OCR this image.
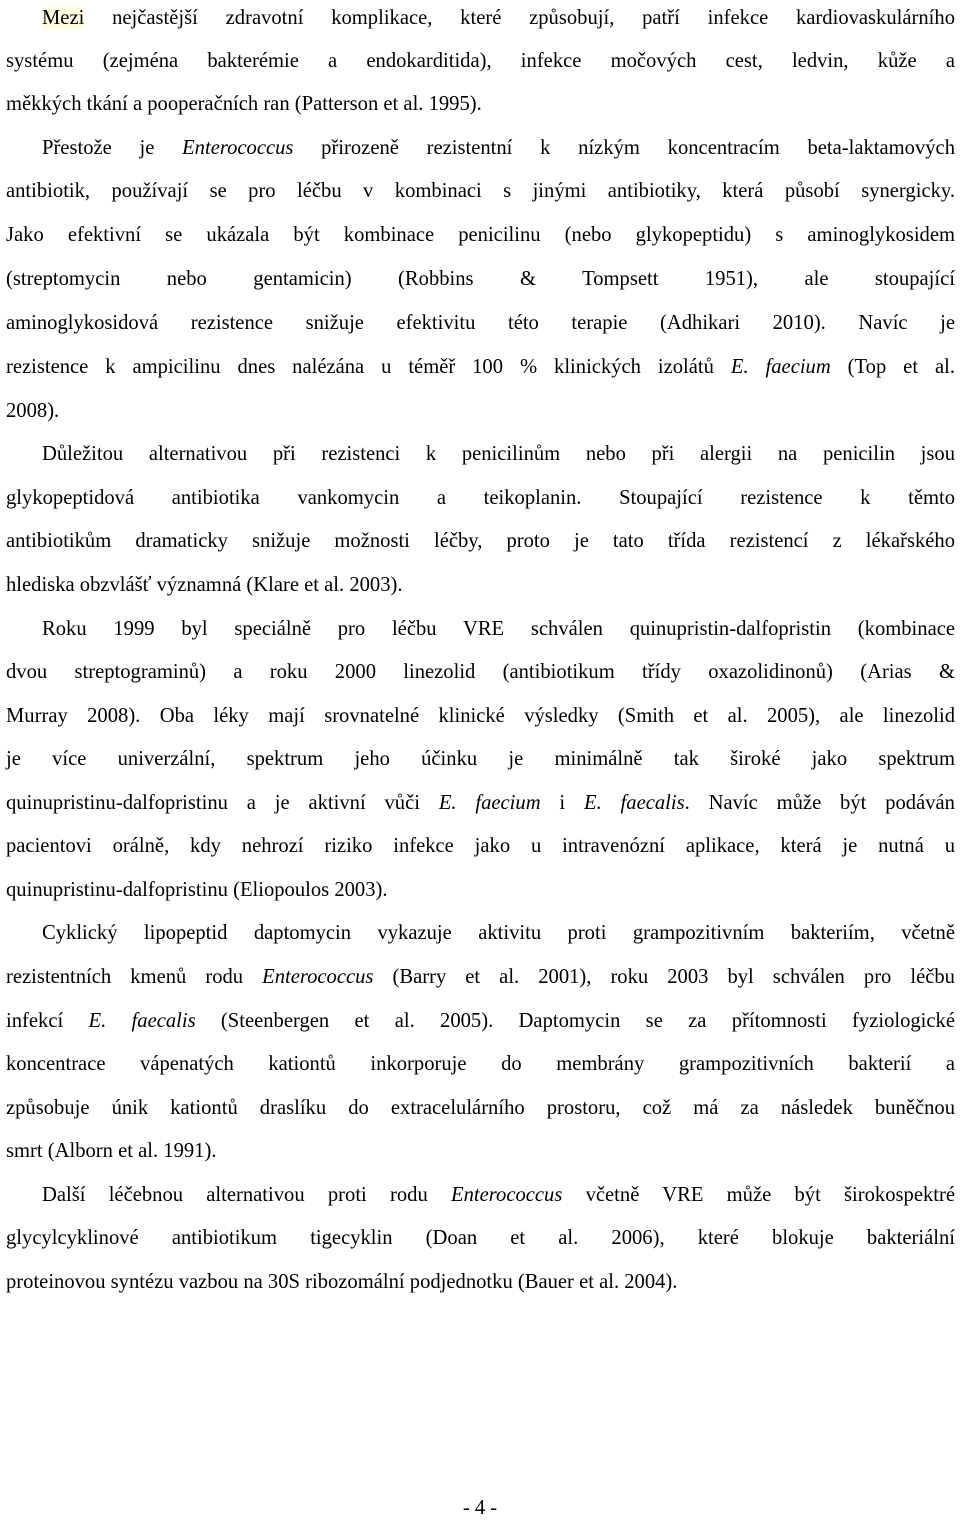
Mezi nejčastější zdravotní komplikace, které způsobují, patří infekce kardiovaskulárního
systému (zejména bakterémie a endokarditida), infekce močových cest, ledvin, kůže a
měkkých tkání a pooperačních ran (Patterson et al. 1995).
Přestože je Enterococcus přirozeně rezistentní k nízkým koncentracím beta-laktamových
antibiotik, používají se pro léčbu v kombinaci s jinými antibiotiky, která působí synergicky.
Jako efektivní se ukázala být kombinace penicilinu (nebo glykopeptidu) s aminoglykosidem
(streptomycin nebo gentamicin) (Robbins & Tompsett 1951), ale stoupající
aminoglykosidová rezistence snižuje efektivitu této terapie (Adhikari 2010). Navíc je
rezistence k ampicilinu dnes nalézána u téměř 100 % klinických izolátů E. faecium (Top et al.
2008).
Důležitou alternativou při rezistenci k penicilinům nebo při alergii na penicilin jsou
glykopeptidová antibiotika vankomycin a teikoplanin. Stoupající rezistence k těmto
antibiotikům dramaticky snižuje možnosti léčby, proto je tato třída rezistencí z lékařského
hlediska obzvlášť významná (Klare et al. 2003).
Roku 1999 byl speciálně pro léčbu VRE schválen quinupristin-dalfopristin (kombinace
dvou streptograminů) a roku 2000 linezolid (antibiotikum třídy oxazolidinonů) (Arias &
Murray 2008). Oba léky mají srovnatelné klinické výsledky (Smith et al. 2005), ale linezolid
je více univerzální, spektrum jeho účinku je minimálně tak široké jako spektrum
quinupristinu-dalfopristinu a je aktivní vůči E. faecium i E. faecalis. Navíc může být podáván
pacientovi orálně, kdy nehrozí riziko infekce jako u intravenózní aplikace, která je nutná u
quinupristinu-dalfopristinu (Eliopoulos 2003).
Cyklický lipopeptid daptomycin vykazuje aktivitu proti grampozitivním bakteriím, včetně
rezistentních kmenů rodu Enterococcus (Barry et al. 2001), roku 2003 byl schválen pro léčbu
infekcí E. faecalis (Steenbergen et al. 2005). Daptomycin se za přítomnosti fyziologické
koncentrace vápenatých kationtů inkorporuje do membrány grampozitivních bakterií a
způsobuje únik kationtů draslíku do extracelulárního prostoru, což má za následek buněčnou
smrt (Alborn et al. 1991).
Další léčebnou alternativou proti rodu Enterococcus včetně VRE může být širokospektré
glycylcyklinové antibiotikum tigecyklin (Doan et al. 2006), které blokuje bakteriální
proteinovou syntézu vazbou na 30S ribozomální podjednotku (Bauer et al. 2004).
- 4 -
